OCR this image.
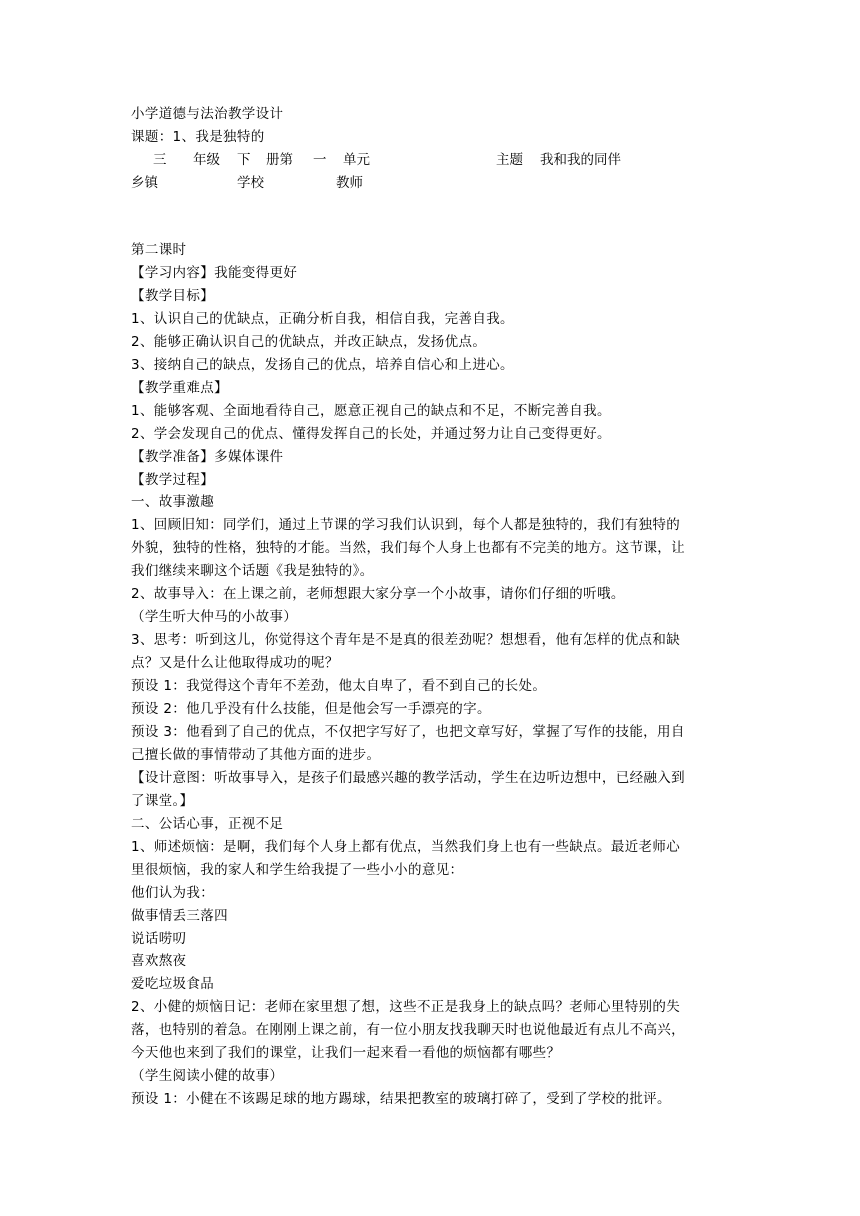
小学道德与法治教学设计
课题：1、我是独特的
三 年级 下 册第 一 单元	主题 我和我的同伴
乡镇	学校	教师
第二课时
【学习内容】我能变得更好
【教学目标】
1、认识自己的优缺点，正确分析自我，相信自我，完善自我。
2、能够正确认识自己的优缺点，并改正缺点，发扬优点。
3、接纳自己的缺点，发扬自己的优点，培养自信心和上进心。
【教学重难点】
1、能够客观、全面地看待自己，愿意正视自己的缺点和不足，不断完善自我。
2、学会发现自己的优点、懂得发挥自己的长处，并通过努力让自己变得更好。
【教学准备】多媒体课件
【教学过程】
一、故事激趣
1、回顾旧知：同学们，通过上节课的学习我们认识到，每个人都是独特的，我们有独特的
外貌，独特的性格，独特的才能。当然，我们每个人身上也都有不完美的地方。这节课，让
我们继续来聊这个话题《我是独特的》。
2、故事导入：在上课之前，老师想跟大家分享一个小故事，请你们仔细的听哦。
（学生听大仲马的小故事）
3、思考：听到这儿，你觉得这个青年是不是真的很差劲呢？想想看，他有怎样的优点和缺
点？又是什么让他取得成功的呢？
预设 1：我觉得这个青年不差劲，他太自卑了，看不到自己的长处。
预设 2：他几乎没有什么技能，但是他会写一手漂亮的字。
预设 3：他看到了自己的优点，不仅把字写好了，也把文章写好，掌握了写作的技能，用自
己擅长做的事情带动了其他方面的进步。
【设计意图：听故事导入，是孩子们最感兴趣的教学活动，学生在边听边想中，已经融入到
了课堂。】
二、公话心事，正视不足
1、师述烦恼：是啊，我们每个人身上都有优点，当然我们身上也有一些缺点。最近老师心
里很烦恼，我的家人和学生给我提了一些小小的意见：
他们认为我：
做事情丢三落四
说话唠叨
喜欢熬夜
爱吃垃圾食品
2、小健的烦恼日记：老师在家里想了想，这些不正是我身上的缺点吗？老师心里特别的失
落，也特别的着急。在刚刚上课之前，有一位小朋友找我聊天时也说他最近有点儿不高兴，
今天他也来到了我们的课堂，让我们一起来看一看他的烦恼都有哪些？
（学生阅读小健的故事）
预设 1：小健在不该踢足球的地方踢球，结果把教室的玻璃打碎了，受到了学校的批评。
